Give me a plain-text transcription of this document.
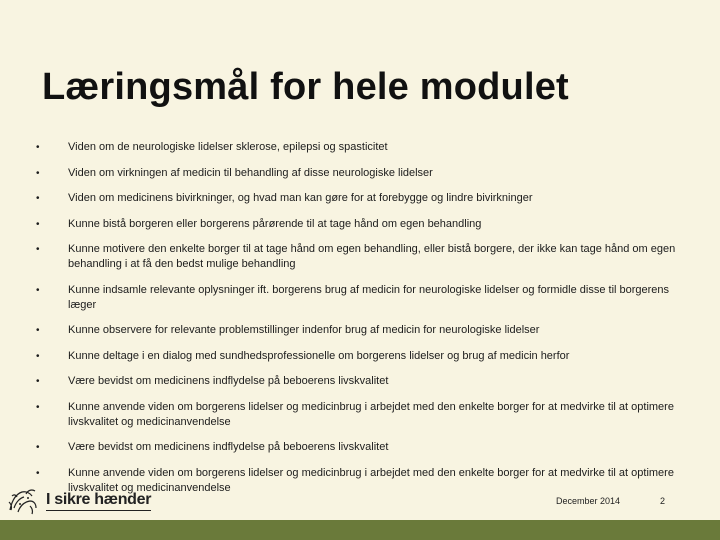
Læringsmål for hele modulet
•	Viden om de neurologiske lidelser sklerose, epilepsi og spasticitet
•	Viden om virkningen af medicin til behandling af disse neurologiske lidelser
•	Viden om medicinens bivirkninger, og hvad man kan gøre for at forebygge og lindre bivirkninger
•	Kunne bistå borgeren eller borgerens pårørende til at tage hånd om egen behandling
•	Kunne motivere den enkelte borger til at tage hånd om egen behandling, eller bistå borgere, der ikke kan tage hånd om egen behandling i at få den bedst mulige behandling
•	Kunne indsamle relevante oplysninger ift. borgerens brug af medicin for neurologiske lidelser og formidle disse til borgerens læger
•	Kunne observere for relevante problemstillinger indenfor brug af medicin for neurologiske lidelser
•	Kunne deltage i en dialog med sundhedsprofessionelle om borgerens lidelser og brug af medicin herfor
•	Være bevidst om medicinens indflydelse på beboerens livskvalitet
•	Kunne anvende viden om borgerens lidelser og medicinbrug i arbejdet med den enkelte borger for at medvirke til at optimere livskvalitet og medicinanvendelse
•	Være bevidst om medicinens indflydelse på beboerens livskvalitet
•	Kunne anvende viden om borgerens lidelser og medicinbrug i arbejdet med den enkelte borger for at medvirke til at optimere livskvalitet og medicinanvendelse
I sikre hænder	December 2014	2
